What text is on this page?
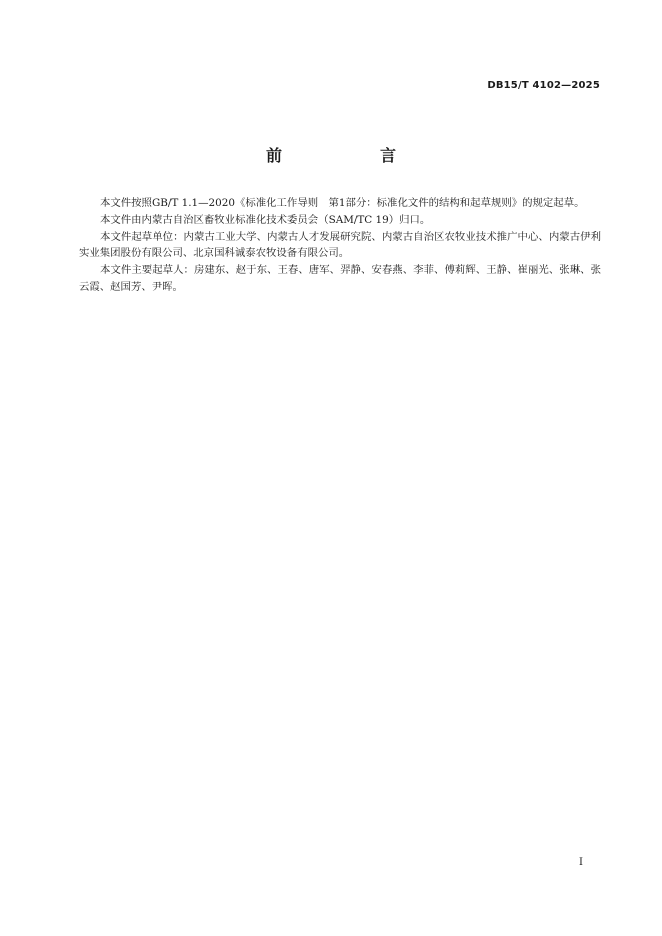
DB15/T 4102—2025
前　　言

本文件按照GB/T 1.1—2020《标准化工作导则　第1部分：标准化文件的结构和起草规则》的规定起草。

本文件由内蒙古自治区畜牧业标准化技术委员会（SAM/TC 19）归口。

本文件起草单位：内蒙古工业大学、内蒙古人才发展研究院、内蒙古自治区农牧业技术推广中心、内蒙古伊利实业集团股份有限公司、北京国科诚泰农牧设备有限公司。

本文件主要起草人：房建东、赵于东、王春、唐军、羿静、安春燕、李菲、傅莉辉、王静、崔丽光、张琳、张云霞、赵国芳、尹晖。

I
